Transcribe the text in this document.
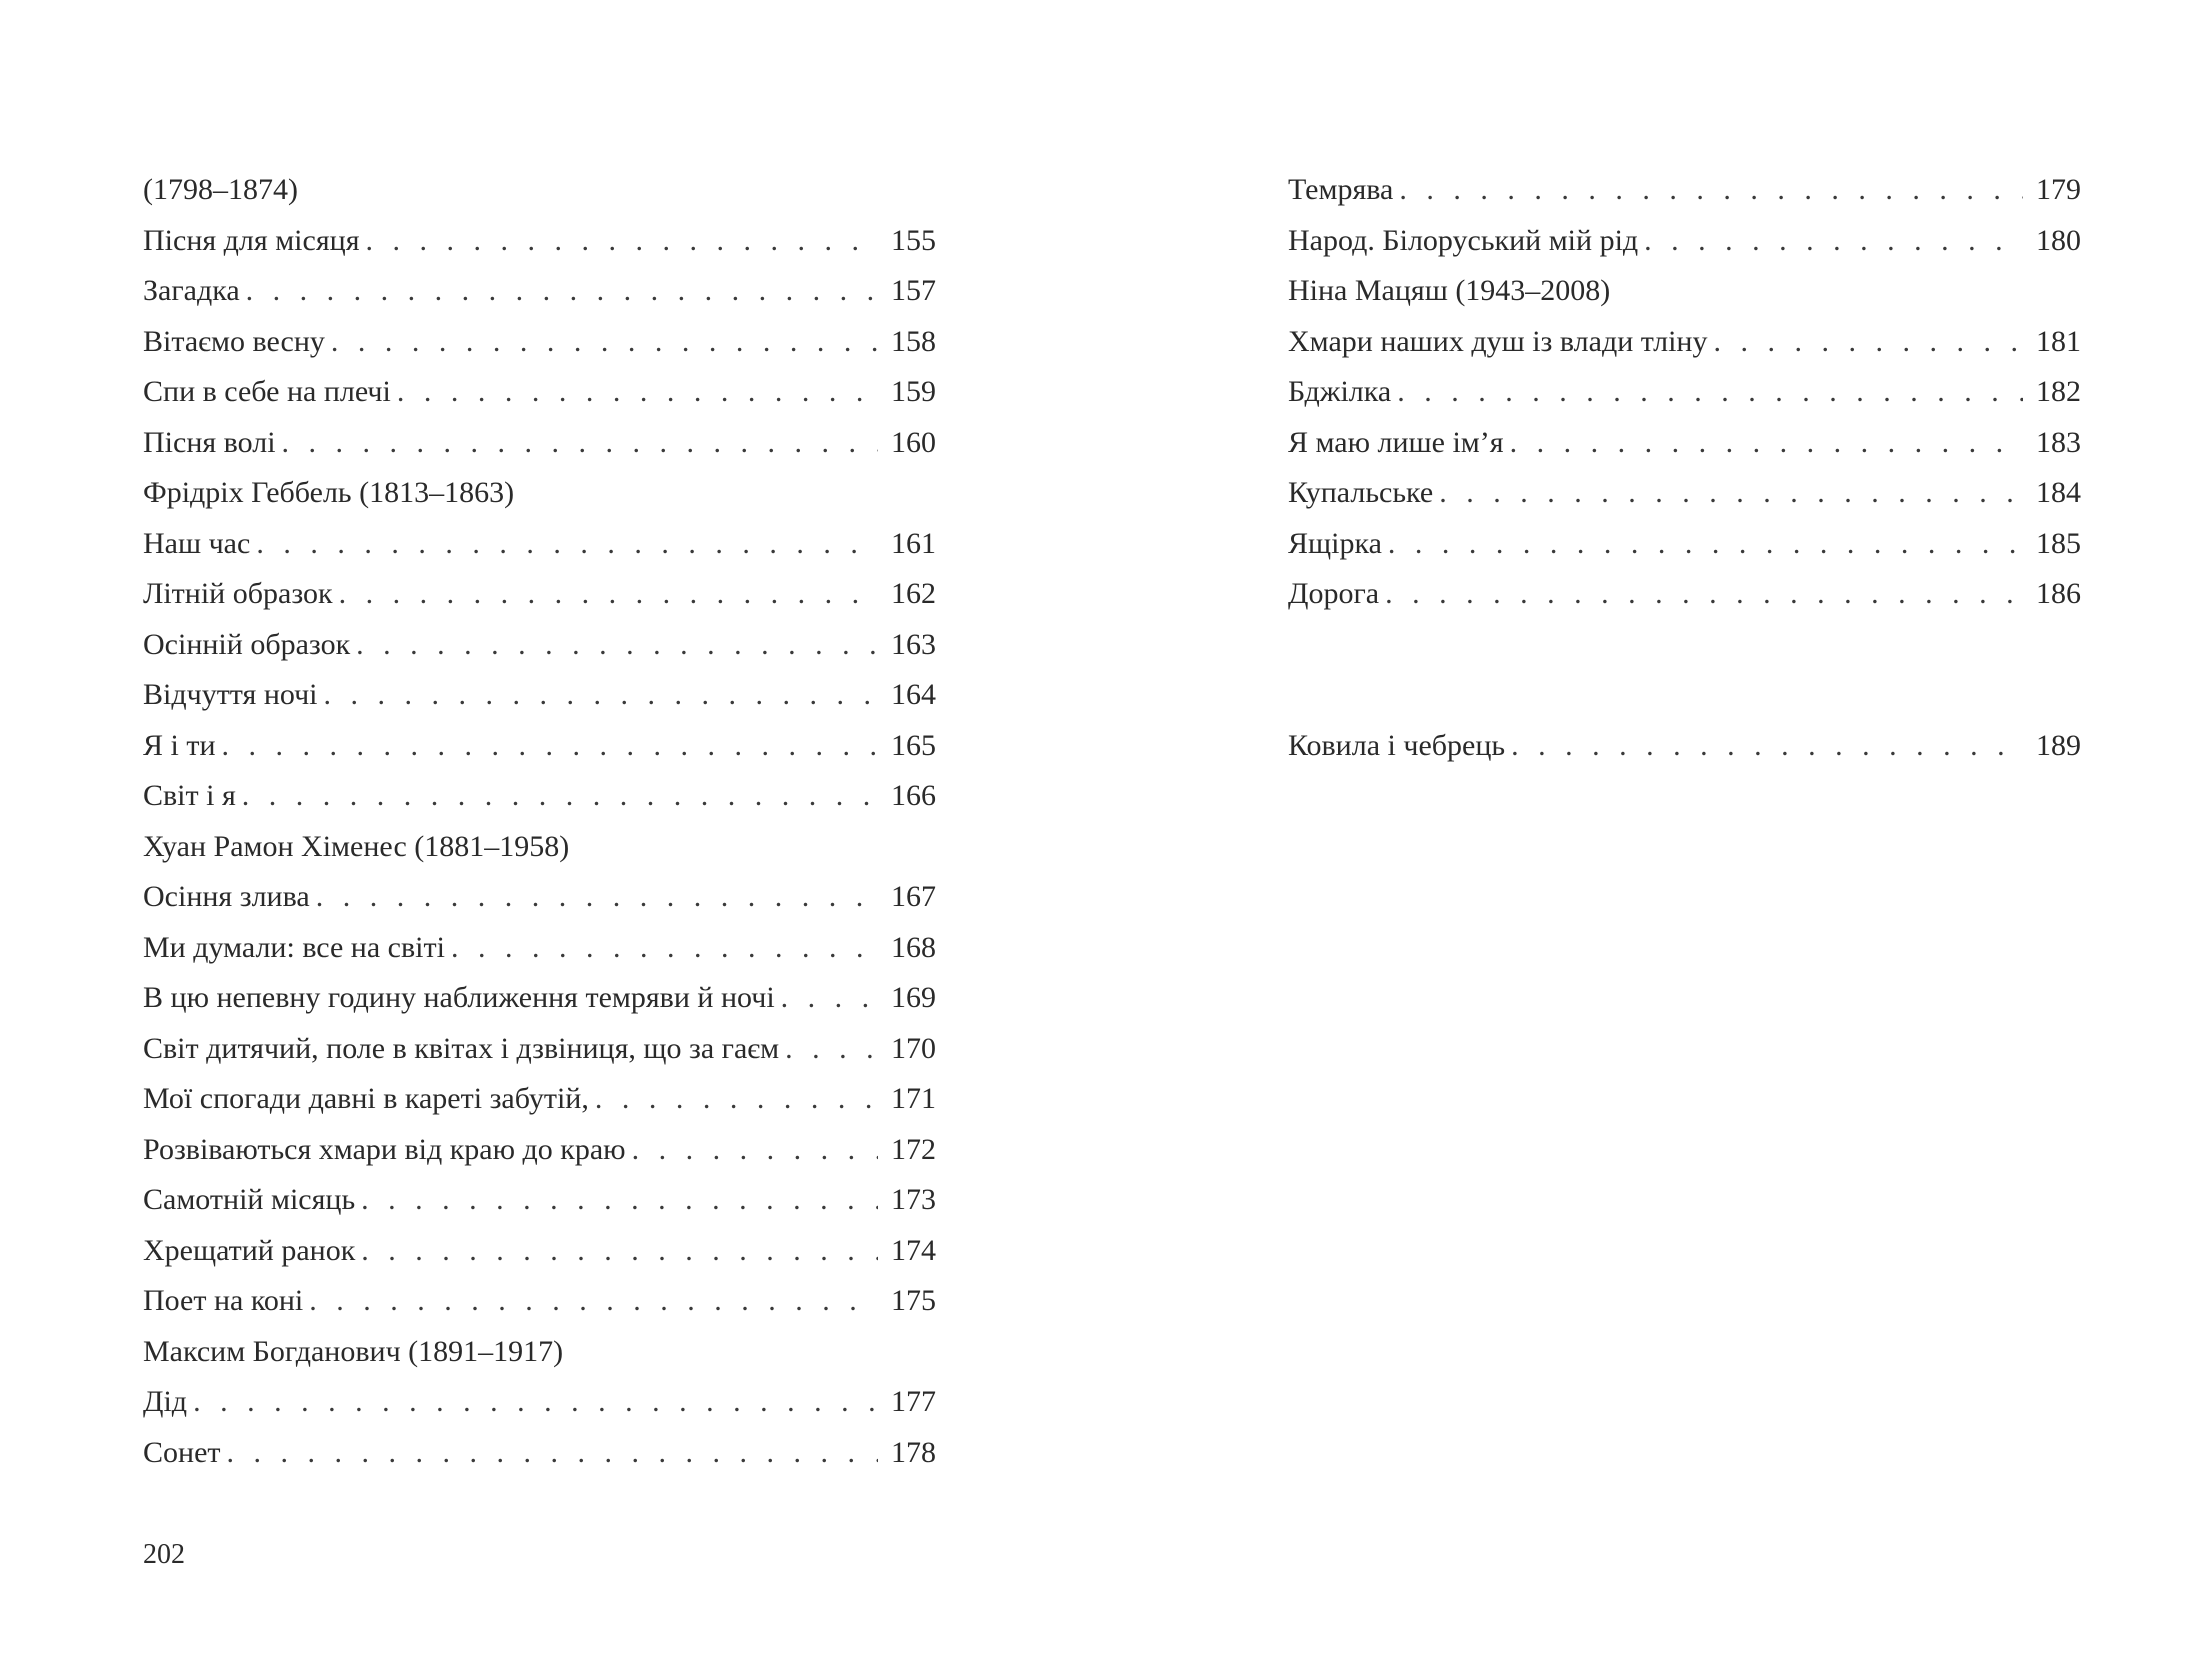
(1798–1874)
Пісня для місяця . . .	155
Загадка . . .	157
Вітаємо весну . . .	158
Спи в себе на плечі . . .	159
Пісня волі . . .	160
Фрідріх Геббель (1813–1863)
Наш час . . .	161
Літній образок . . .	162
Осінній образок . . .	163
Відчуття ночі . . .	164
Я і ти . . .	165
Світ і я . . .	166
Хуан Рамон Хіменес (1881–1958)
Осіння злива . . .	167
Ми думали: все на світі . . .	168
В цю непевну годину наближення темряви й ночі . . .	169
Світ дитячий, поле в квітах і дзвіниця, що за гаєм . . .	170
Мої спогади давні в кареті забутій, . . .	171
Розвіваються хмари від краю до краю . . .	172
Самотній місяць . . .	173
Хрещатий ранок . . .	174
Поет на коні . . .	175
Максим Богданович (1891–1917)
Дід . . .	177
Сонет . . .	178
Темрява . . .	179
Народ. Білоруський мій рід . . .	180
Ніна Мацяш (1943–2008)
Хмари наших душ із влади тліну . . .	181
Бджілка . . .	182
Я маю лише ім’я . . .	183
Купальське . . .	184
Ящірка . . .	185
Дорога . . .	186
Ковила і чебрець . . .	189
202
